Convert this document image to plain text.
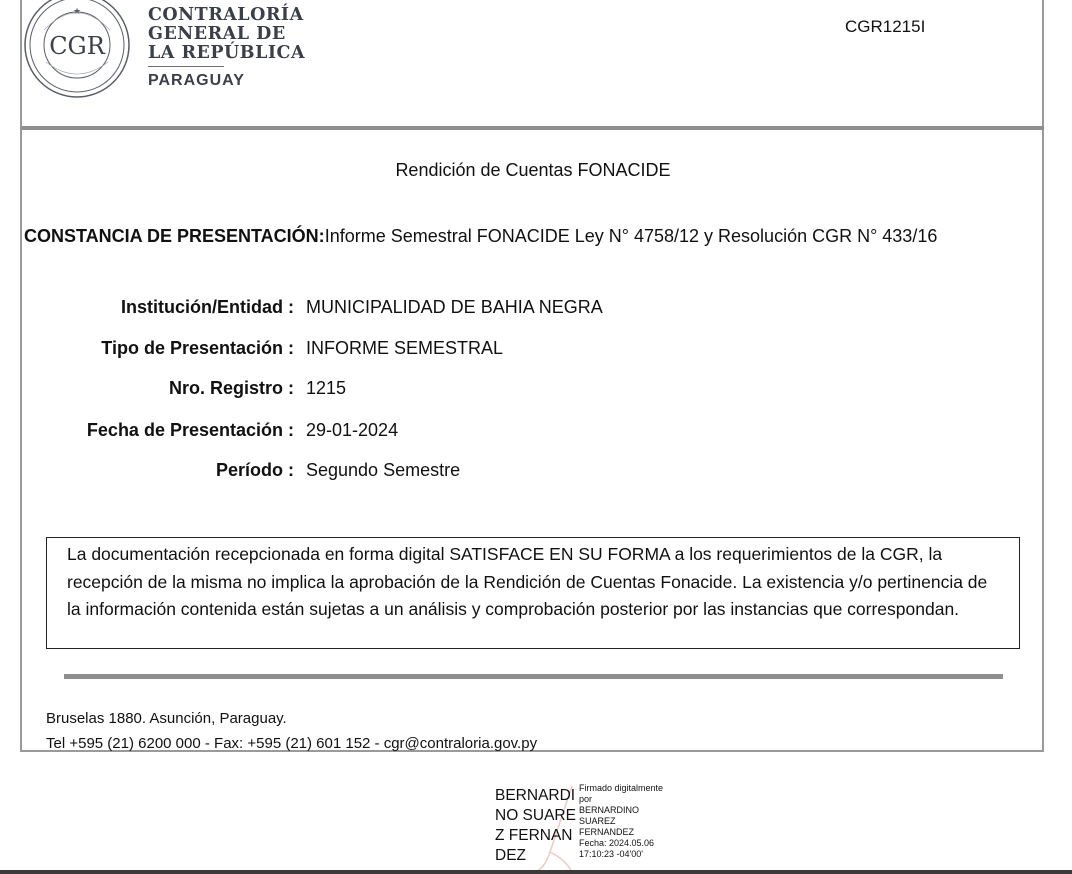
★
CGR
CONTRALORÍA
GENERAL DE
LA REPÚBLICA
PARAGUAY
CGR1215I
Rendición de Cuentas FONACIDE
CONSTANCIA DE PRESENTACIÓN:Informe Semestral FONACIDE Ley N° 4758/12 y Resolución CGR N° 433/16
Institución/Entidad : MUNICIPALIDAD DE BAHIA NEGRA
Tipo de Presentación : INFORME SEMESTRAL
Nro. Registro : 1215
Fecha de Presentación : 29-01-2024
Período : Segundo Semestre
La documentación recepcionada en forma digital SATISFACE EN SU FORMA a los requerimientos de la CGR, la recepción de la misma no implica la aprobación de la Rendición de Cuentas Fonacide. La existencia y/o pertinencia de la información contenida están sujetas a un análisis y comprobación posterior por las instancias que correspondan.
Bruselas 1880. Asunción, Paraguay.
Tel +595 (21) 6200 000 - Fax: +595 (21) 601 152 - cgr@contraloria.gov.py
BERNARDINO SUAREZ FERNANDEZ
Firmado digitalmente por
BERNARDINO SUAREZ FERNANDEZ
Fecha: 2024.05.06 17:10:23 -04'00'
